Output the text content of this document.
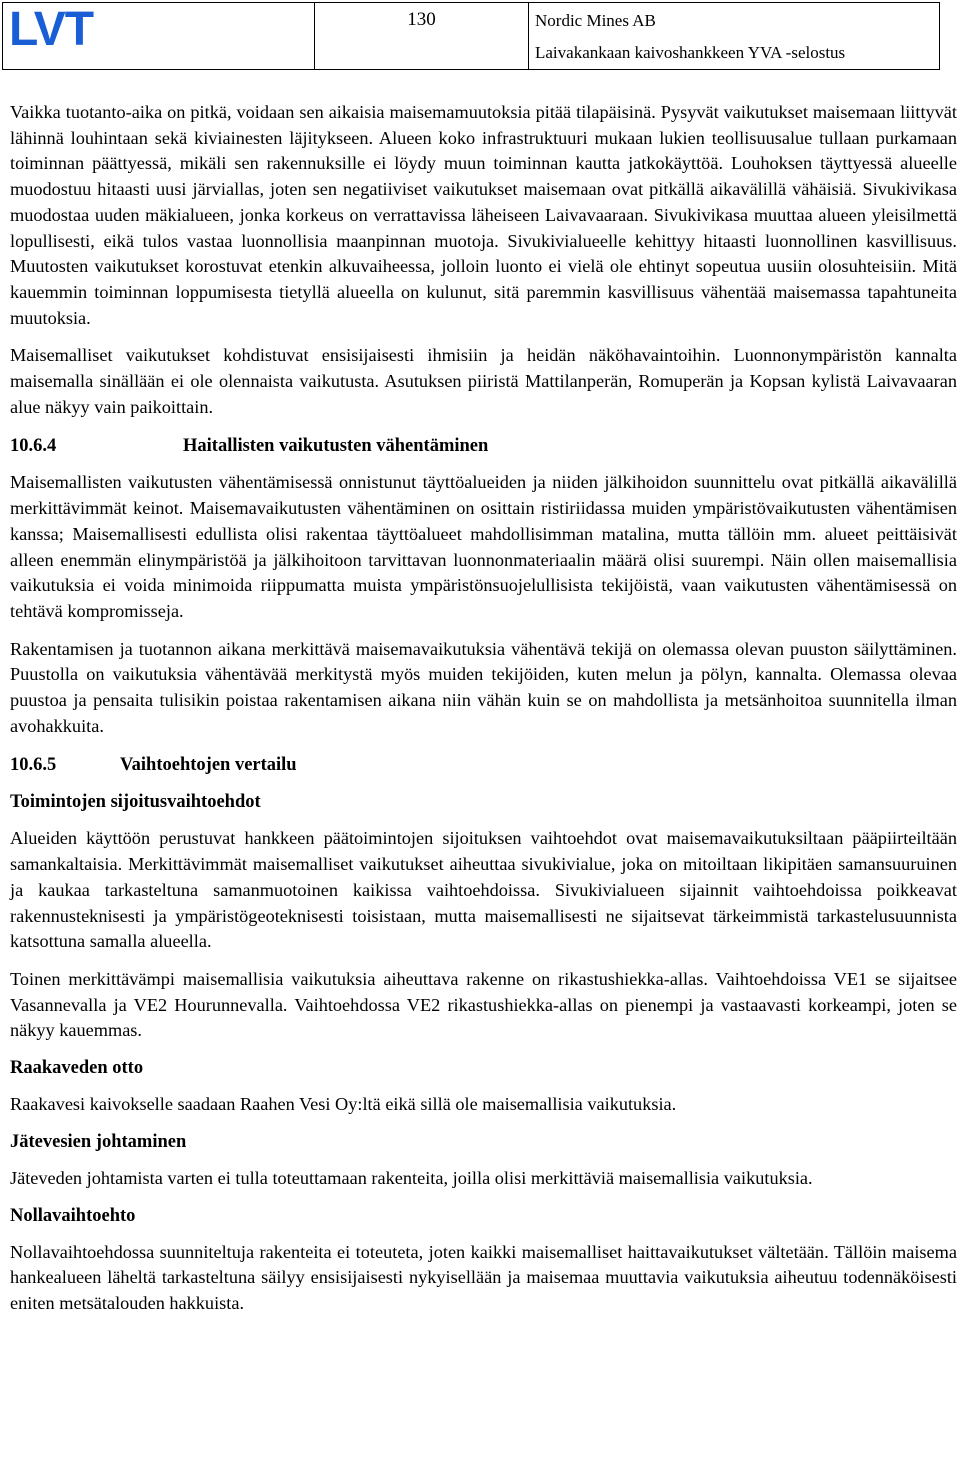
LVT	130	Nordic Mines AB
Laivakankaan kaivoshankkeen YVA -selostus

Vaikka tuotanto-aika on pitkä, voidaan sen aikaisia maisemamuutoksia pitää tilapäisinä. Pysyvät vaikutukset maisemaan liittyvät lähinnä louhintaan sekä kiviainesten läjitykseen. Alueen koko infrastruktuuri mukaan lukien teollisuusalue tullaan purkamaan toiminnan päättyessä, mikäli sen rakennuksille ei löydy muun toiminnan kautta jatkokäyttöä. Louhoksen täyttyessä alueelle muodostuu hitaasti uusi järviallas, joten sen negatiiviset vaikutukset maisemaan ovat pitkällä aikavälillä vähäisiä. Sivukivikasa muodostaa uuden mäkialueen, jonka korkeus on verrattavissa läheiseen Laivavaaraan. Sivukivikasa muuttaa alueen yleisilmettä lopullisesti, eikä tulos vastaa luonnollisia maanpinnan muotoja. Sivukivialueelle kehittyy hitaasti luonnollinen kasvillisuus. Muutosten vaikutukset korostuvat etenkin alkuvaiheessa, jolloin luonto ei vielä ole ehtinyt sopeutua uusiin olosuhteisiin. Mitä kauemmin toiminnan loppumisesta tietyllä alueella on kulunut, sitä paremmin kasvillisuus vähentää maisemassa tapahtuneita muutoksia.

Maisemalliset vaikutukset kohdistuvat ensisijaisesti ihmisiin ja heidän näköhavaintoihin. Luonnonympäristön kannalta maisemalla sinällään ei ole olennaista vaikutusta. Asutuksen piiristä Mattilanperän, Romuperän ja Kopsan kylistä Laivavaaran alue näkyy vain paikoittain.

10.6.4	Haitallisten vaikutusten vähentäminen

Maisemallisten vaikutusten vähentämisessä onnistunut täyttöalueiden ja niiden jälkihoidon suunnittelu ovat pitkällä aikavälillä merkittävimmät keinot. Maisemavaikutusten vähentäminen on osittain ristiriidassa muiden ympäristövaikutusten vähentämisen kanssa; Maisemallisesti edullista olisi rakentaa täyttöalueet mahdollisimman matalina, mutta tällöin mm. alueet peittäisivät alleen enemmän elinympäristöä ja jälkihoitoon tarvittavan luonnonmateriaalin määrä olisi suurempi. Näin ollen maisemallisia vaikutuksia ei voida minimoida riippumatta muista ympäristönsuojelullisista tekijöistä, vaan vaikutusten vähentämisessä on tehtävä kompromisseja.

Rakentamisen ja tuotannon aikana merkittävä maisemavaikutuksia vähentävä tekijä on olemassa olevan puuston säilyttäminen. Puustolla on vaikutuksia vähentävää merkitystä myös muiden tekijöiden, kuten melun ja pölyn, kannalta. Olemassa olevaa puustoa ja pensaita tulisikin poistaa rakentamisen aikana niin vähän kuin se on mahdollista ja metsänhoitoa suunnitella ilman avohakkuita.

10.6.5	Vaihtoehtojen vertailu
Toimintojen sijoitusvaihtoehdot

Alueiden käyttöön perustuvat hankkeen päätoimintojen sijoituksen vaihtoehdot ovat maisemavaikutuksiltaan pääpiirteiltään samankaltaisia. Merkittävimmät maisemalliset vaikutukset aiheuttaa sivukivialue, joka on mitoiltaan likipitäen samansuuruinen ja kaukaa tarkasteltuna samanmuotoinen kaikissa vaihtoehdoissa. Sivukivialueen sijainnit vaihtoehdoissa poikkeavat rakennusteknisesti ja ympäristögeoteknisesti toisistaan, mutta maisemallisesti ne sijaitsevat tärkeimmistä tarkastelusuunnista katsottuna samalla alueella.

Toinen merkittävämpi maisemallisia vaikutuksia aiheuttava rakenne on rikastushiekka-allas. Vaihtoehdoissa VE1 se sijaitsee Vasannevalla ja VE2 Hourunnevalla. Vaihtoehdossa VE2 rikastushiekka-allas on pienempi ja vastaavasti korkeampi, joten se näkyy kauemmas.

Raakaveden otto

Raakavesi kaivokselle saadaan Raahen Vesi Oy:ltä eikä sillä ole maisemallisia vaikutuksia.

Jätevesien johtaminen

Jäteveden johtamista varten ei tulla toteuttamaan rakenteita, joilla olisi merkittäviä maisemallisia vaikutuksia.

Nollavaihtoehto

Nollavaihtoehdossa suunniteltuja rakenteita ei toteuteta, joten kaikki maisemalliset haittavaikutukset vältetään. Tällöin maisema hankealueen läheltä tarkasteltuna säilyy ensisijaisesti nykyisellään ja maisemaa muuttavia vaikutuksia aiheutuu todennäköisesti eniten metsätalouden hakkuista.
